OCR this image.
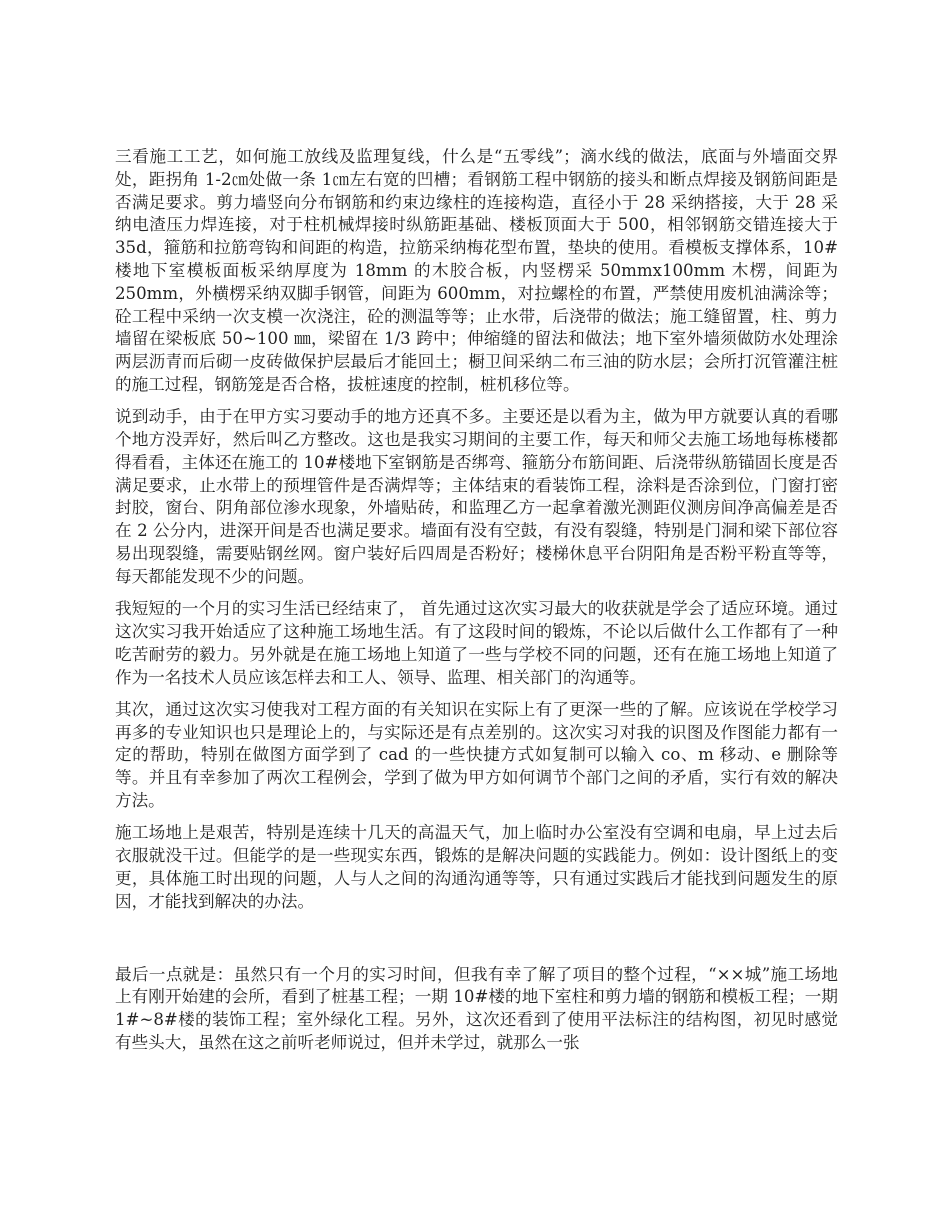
三看施工工艺，如何施工放线及监理复线，什么是“五零线”；滴水线的做法，底面与外墙面交界处，距拐角 1-2㎝处做一条 1㎝左右宽的凹槽；看钢筋工程中钢筋的接头和断点焊接及钢筋间距是否满足要求。剪力墙竖向分布钢筋和约束边缘柱的连接构造，直径小于 28 采纳搭接，大于 28 采纳电渣压力焊连接，对于柱机械焊接时纵筋距基础、楼板顶面大于 500，相邻钢筋交错连接大于 35d，箍筋和拉筋弯钩和间距的构造，拉筋采纳梅花型布置，垫块的使用。看模板支撑体系，10#楼地下室模板面板采纳厚度为 18mm 的木胶合板，内竖楞采 50mmx100mm 木楞，间距为 250mm，外横楞采纳双脚手钢管，间距为 600mm，对拉螺栓的布置，严禁使用废机油满涂等；砼工程中采纳一次支模一次浇注，砼的测温等等；止水带，后浇带的做法；施工缝留置，柱、剪力墙留在梁板底 50~100 ㎜，梁留在 1/3 跨中；伸缩缝的留法和做法；地下室外墙须做防水处理涂两层沥青而后砌一皮砖做保护层最后才能回土；橱卫间采纳二布三油的防水层；会所打沉管灌注桩的施工过程，钢筋笼是否合格，拔桩速度的控制，桩机移位等。

说到动手，由于在甲方实习要动手的地方还真不多。主要还是以看为主，做为甲方就要认真的看哪个地方没弄好，然后叫乙方整改。这也是我实习期间的主要工作，每天和师父去施工场地每栋楼都得看看，主体还在施工的 10#楼地下室钢筋是否绑弯、箍筋分布筋间距、后浇带纵筋锚固长度是否满足要求，止水带上的预埋管件是否满焊等；主体结束的看装饰工程，涂料是否涂到位，门窗打密封胶，窗台、阴角部位渗水现象，外墙贴砖，和监理乙方一起拿着激光测距仪测房间净高偏差是否在 2 公分内，进深开间是否也满足要求。墙面有没有空鼓，有没有裂缝，特别是门洞和梁下部位容易出现裂缝，需要贴钢丝网。窗户装好后四周是否粉好；楼梯休息平台阴阳角是否粉平粉直等等，每天都能发现不少的问题。

我短短的一个月的实习生活已经结束了， 首先通过这次实习最大的收获就是学会了适应环境。通过这次实习我开始适应了这种施工场地生活。有了这段时间的锻炼，不论以后做什么工作都有了一种吃苦耐劳的毅力。另外就是在施工场地上知道了一些与学校不同的问题，还有在施工场地上知道了作为一名技术人员应该怎样去和工人、领导、监理、相关部门的沟通等。

其次，通过这次实习使我对工程方面的有关知识在实际上有了更深一些的了解。应该说在学校学习再多的专业知识也只是理论上的，与实际还是有点差别的。这次实习对我的识图及作图能力都有一定的帮助，特别在做图方面学到了 cad 的一些快捷方式如复制可以输入 co、m 移动、e 删除等等。并且有幸参加了两次工程例会，学到了做为甲方如何调节个部门之间的矛盾，实行有效的解决方法。

施工场地上是艰苦，特别是连续十几天的高温天气，加上临时办公室没有空调和电扇，早上过去后衣服就没干过。但能学的是一些现实东西，锻炼的是解决问题的实践能力。例如：设计图纸上的变更，具体施工时出现的问题，人与人之间的沟通沟通等等，只有通过实践后才能找到问题发生的原因，才能找到解决的办法。

最后一点就是：虽然只有一个月的实习时间，但我有幸了解了项目的整个过程，“××城”施工场地上有刚开始建的会所，看到了桩基工程；一期 10#楼的地下室柱和剪力墙的钢筋和模板工程；一期 1#~8#楼的装饰工程；室外绿化工程。另外，这次还看到了使用平法标注的结构图，初见时感觉有些头大，虽然在这之前听老师说过，但并未学过，就那么一张
